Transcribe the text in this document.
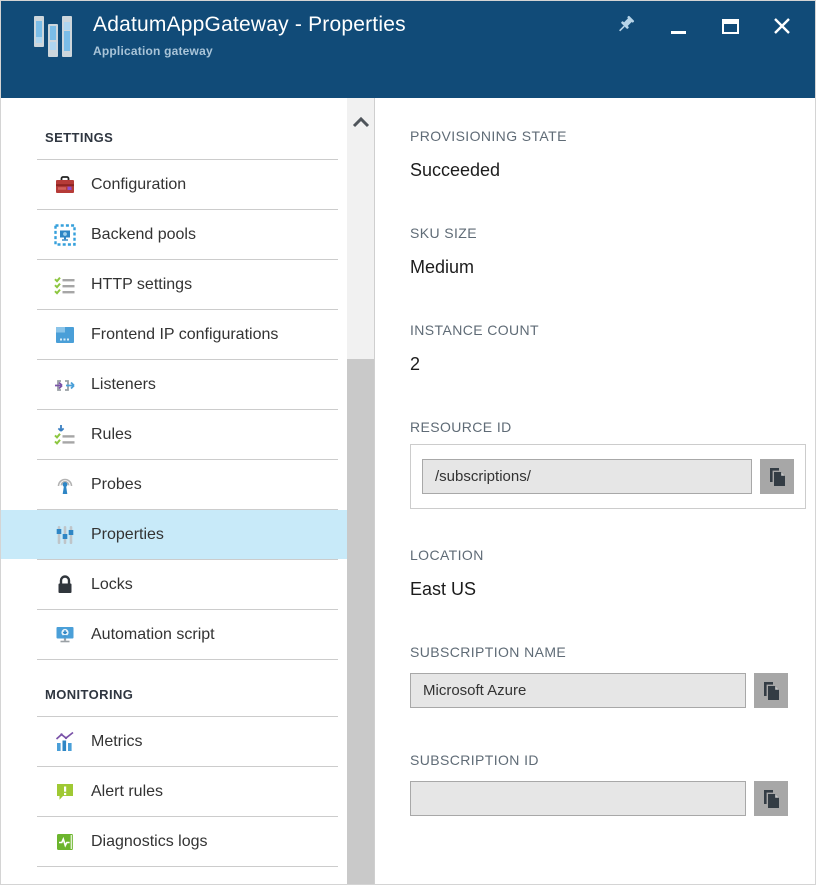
AdatumAppGateway - Properties
Application gateway
SETTINGS
Configuration
Backend pools
HTTP settings
Frontend IP configurations
Listeners
Rules
Probes
Properties
Locks
Automation script
MONITORING
Metrics
Alert rules
Diagnostics logs
PROVISIONING STATE
Succeeded
SKU SIZE
Medium
INSTANCE COUNT
2
RESOURCE ID
/subscriptions/
LOCATION
East US
SUBSCRIPTION NAME
Microsoft Azure
SUBSCRIPTION ID
